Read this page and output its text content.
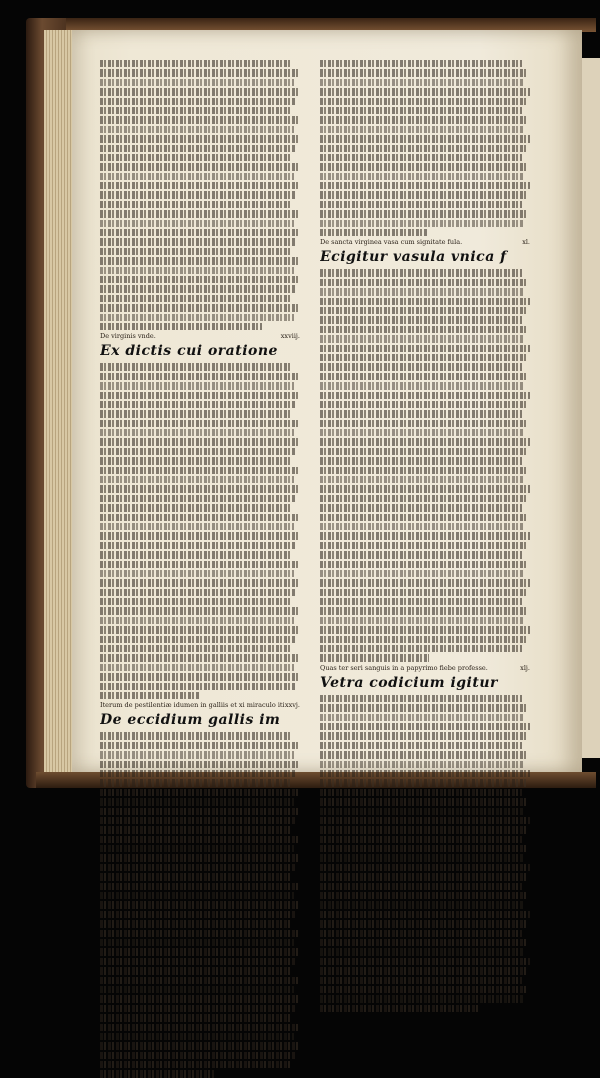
De virginis vnde.	xxviij.
Ex dictis cui oratione
Iterum de pestilentiæ idumen in galliis et xi miraculo iti xxvj.
De eccidium gallis im
De sancta virginea vasa cum signitate fula.	xl.
Ecigitur vasula vnica f
Quas ter seri sanguis in a papyrimo fiebe professe.	xlj.
Vetra codicium igitur
